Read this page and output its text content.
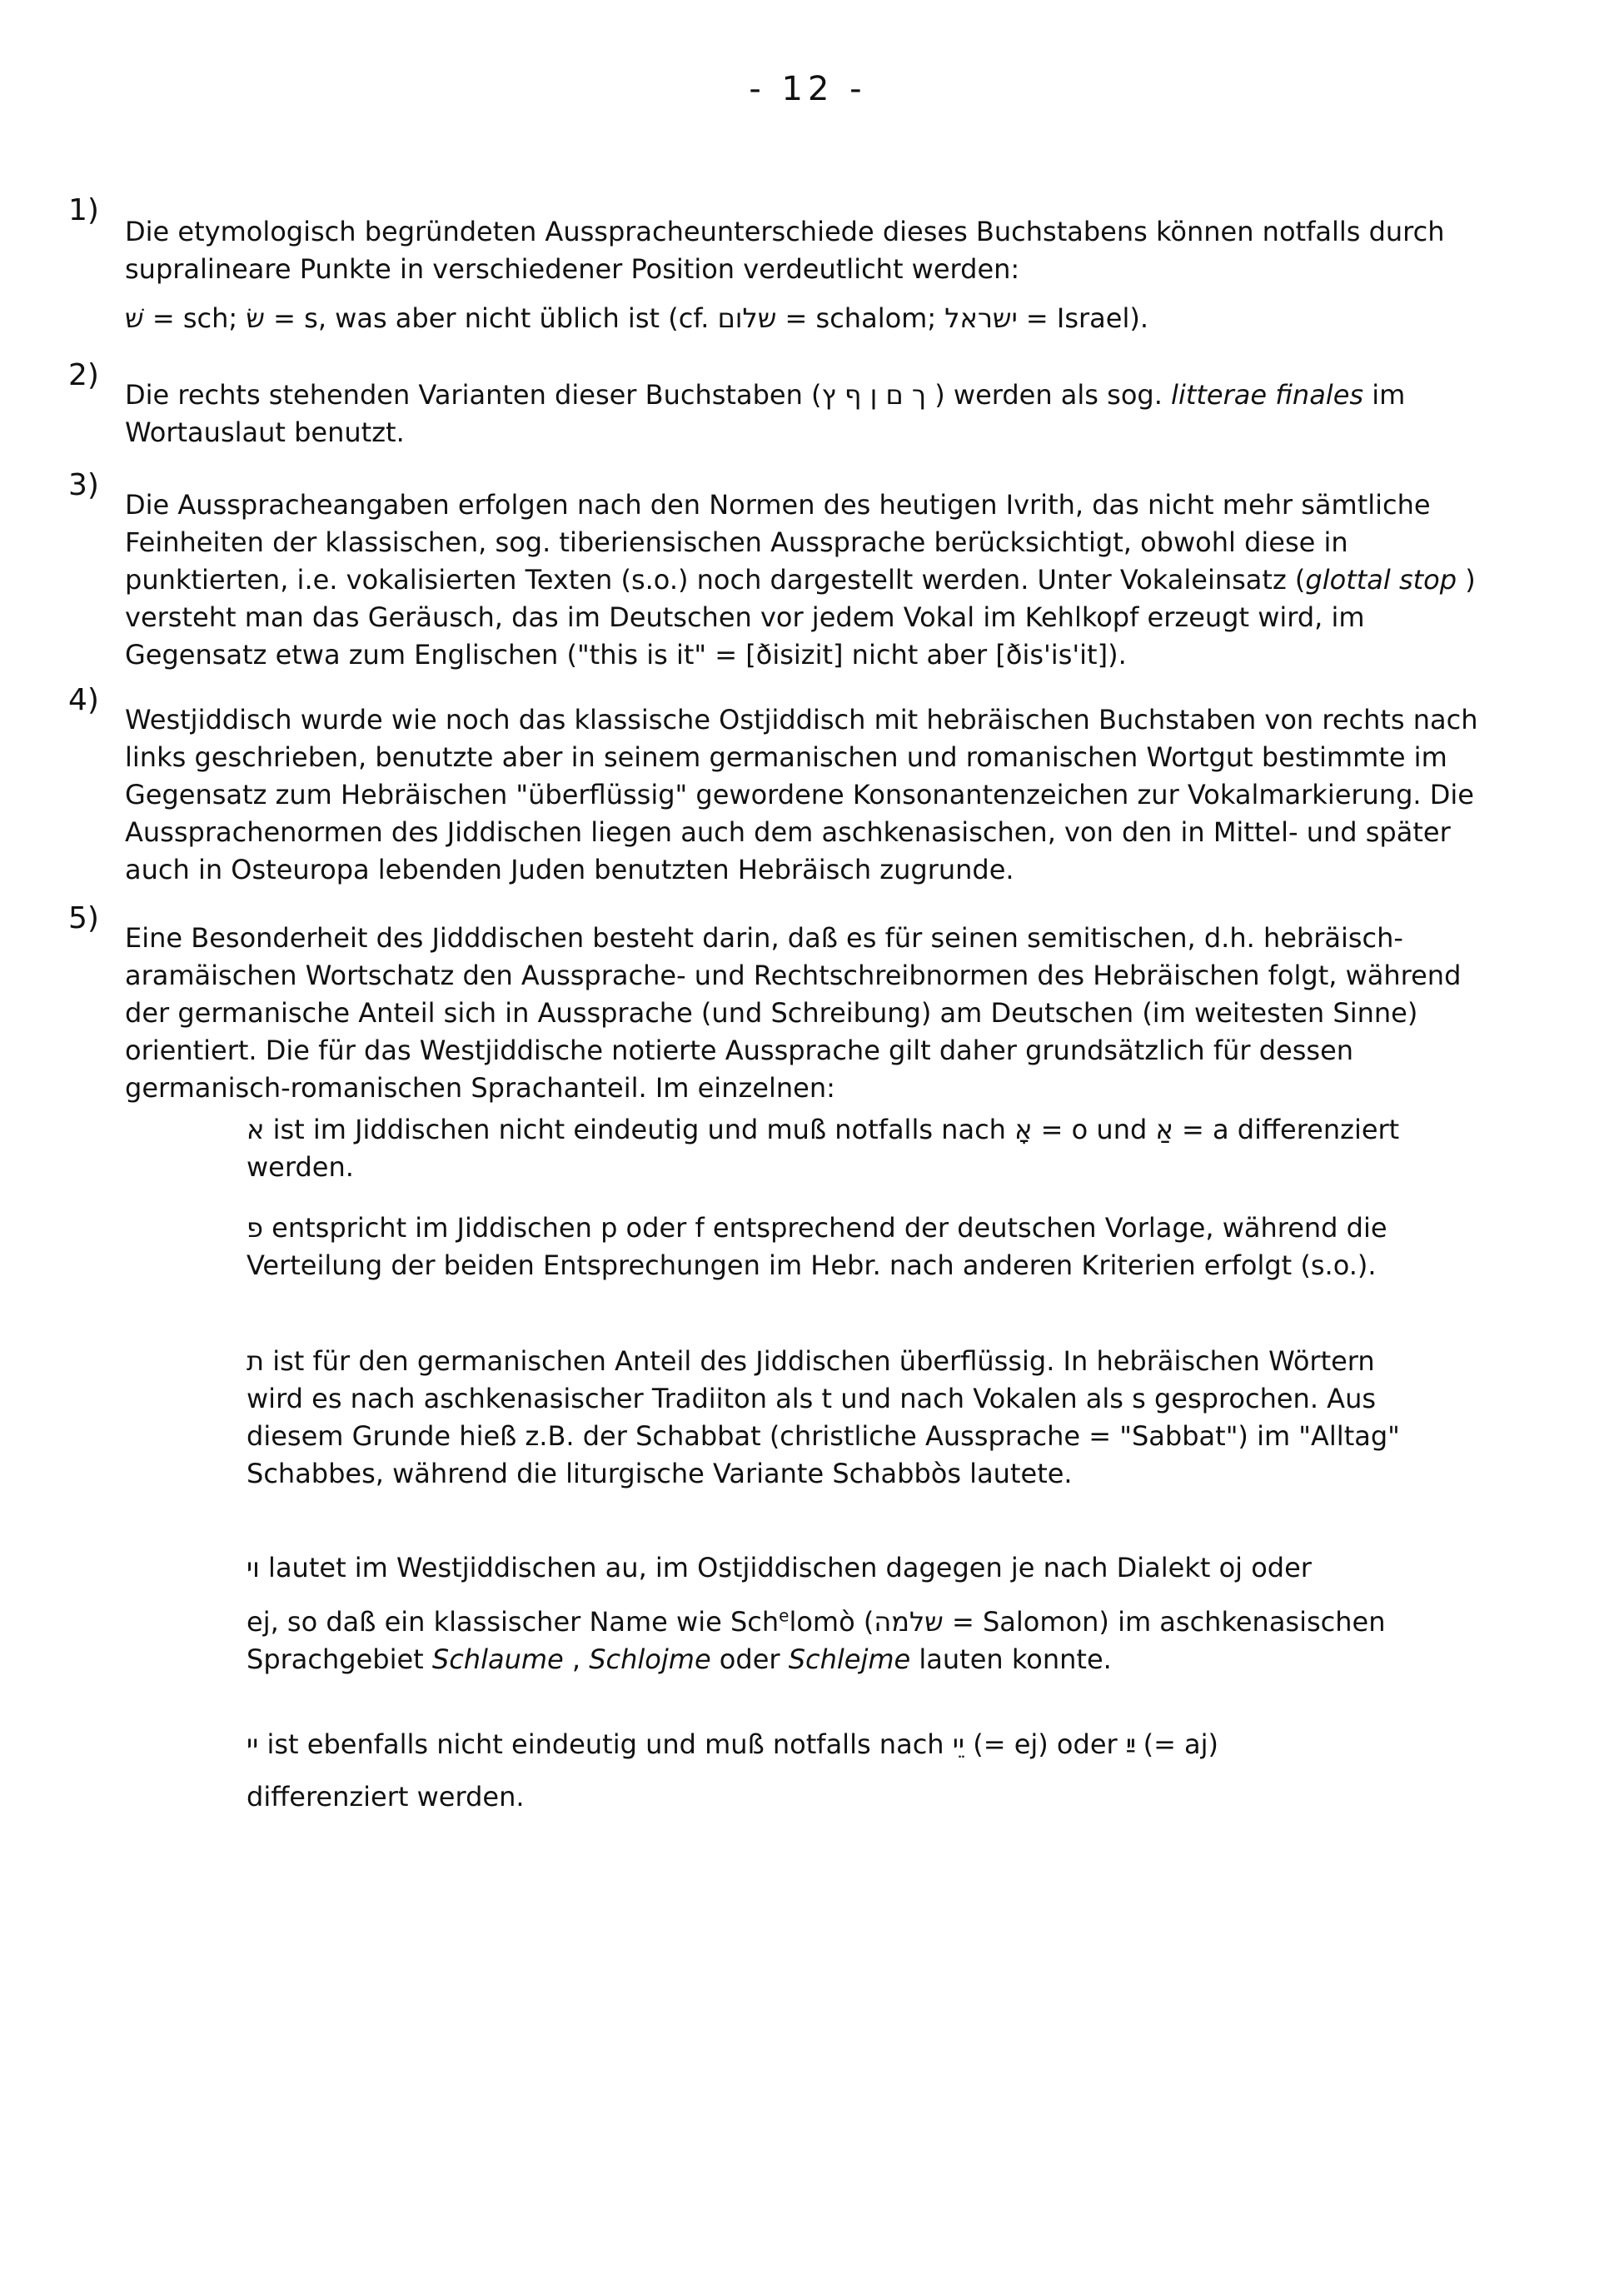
- 12 -
1)

Die etymologisch begründeten Ausspracheunterschiede dieses Buchstabens können notfalls durch supralineare Punkte in verschiedener Position verdeutlicht werden:

שׁ = sch; שׂ = s, was aber nicht üblich ist (cf. שלום = schalom; ישראל = Israel).

2)

Die rechts stehenden Varianten dieser Buchstaben (ך ם ן ף ץ ) werden als sog. litterae finales im Wortauslaut benutzt.

3)

Die Ausspracheangaben erfolgen nach den Normen des heutigen Ivrith, das nicht mehr sämtliche Feinheiten der klassischen, sog. tiberiensischen Aussprache berücksichtigt, obwohl diese in punktierten, i.e. vokalisierten Texten (s.o.) noch dargestellt werden. Unter Vokaleinsatz (glottal stop ) versteht man das Geräusch, das im Deutschen vor jedem Vokal im Kehlkopf erzeugt wird, im Gegensatz etwa zum Englischen ("this is it" = [ðisizit] nicht aber [ðis'is'it]).

4)

Westjiddisch wurde wie noch das klassische Ostjiddisch mit hebräischen Buchstaben von rechts nach links geschrieben, benutzte aber in seinem germanischen und romanischen Wortgut bestimmte im Gegensatz zum Hebräischen "überflüssig" gewordene Konsonantenzeichen zur Vokalmarkierung. Die Aussprachenormen des Jiddischen liegen auch dem aschkenasischen, von den in Mittel- und später auch in Osteuropa lebenden Juden benutzten Hebräisch zugrunde.

5)

Eine Besonderheit des Jidddischen besteht darin, daß es für seinen semitischen, d.h. hebräisch-aramäischen Wortschatz den Aussprache- und Rechtschreibnormen des Hebräischen folgt, während der germanische Anteil sich in Aussprache (und Schreibung) am Deutschen (im weitesten Sinne) orientiert. Die für das Westjiddische notierte Aussprache gilt daher grundsätzlich für dessen germanisch-romanischen Sprachanteil. Im einzelnen:

א ist im Jiddischen nicht eindeutig und muß notfalls nach אָ = o und אַ = a differenziert werden.

פ entspricht im Jiddischen p oder f entsprechend der deutschen Vorlage, während die Verteilung der beiden Entsprechungen im Hebr. nach anderen Kriterien erfolgt (s.o.).

ת ist für den germanischen Anteil des Jiddischen überflüssig. In hebräischen Wörtern wird es nach aschkenasischer Tradiiton als t und nach Vokalen als s gesprochen. Aus diesem Grunde hieß z.B. der Schabbat (christliche Aussprache = "Sabbat") im "Alltag" Schabbes, während die liturgische Variante Schabbòs lautete.

וי lautet im Westjiddischen au, im Ostjiddischen dagegen je nach Dialekt oj oder

ej, so daß ein klassischer Name wie Sch$^e$lomò (שלמה = Salomon) im aschkenasischen Sprachgebiet Schlaume , Schlojme oder Schlejme lauten konnte.

יי ist ebenfalls nicht eindeutig und muß notfalls nach יֵי (= ej) oder ײַ (= aj)

differenziert werden.
